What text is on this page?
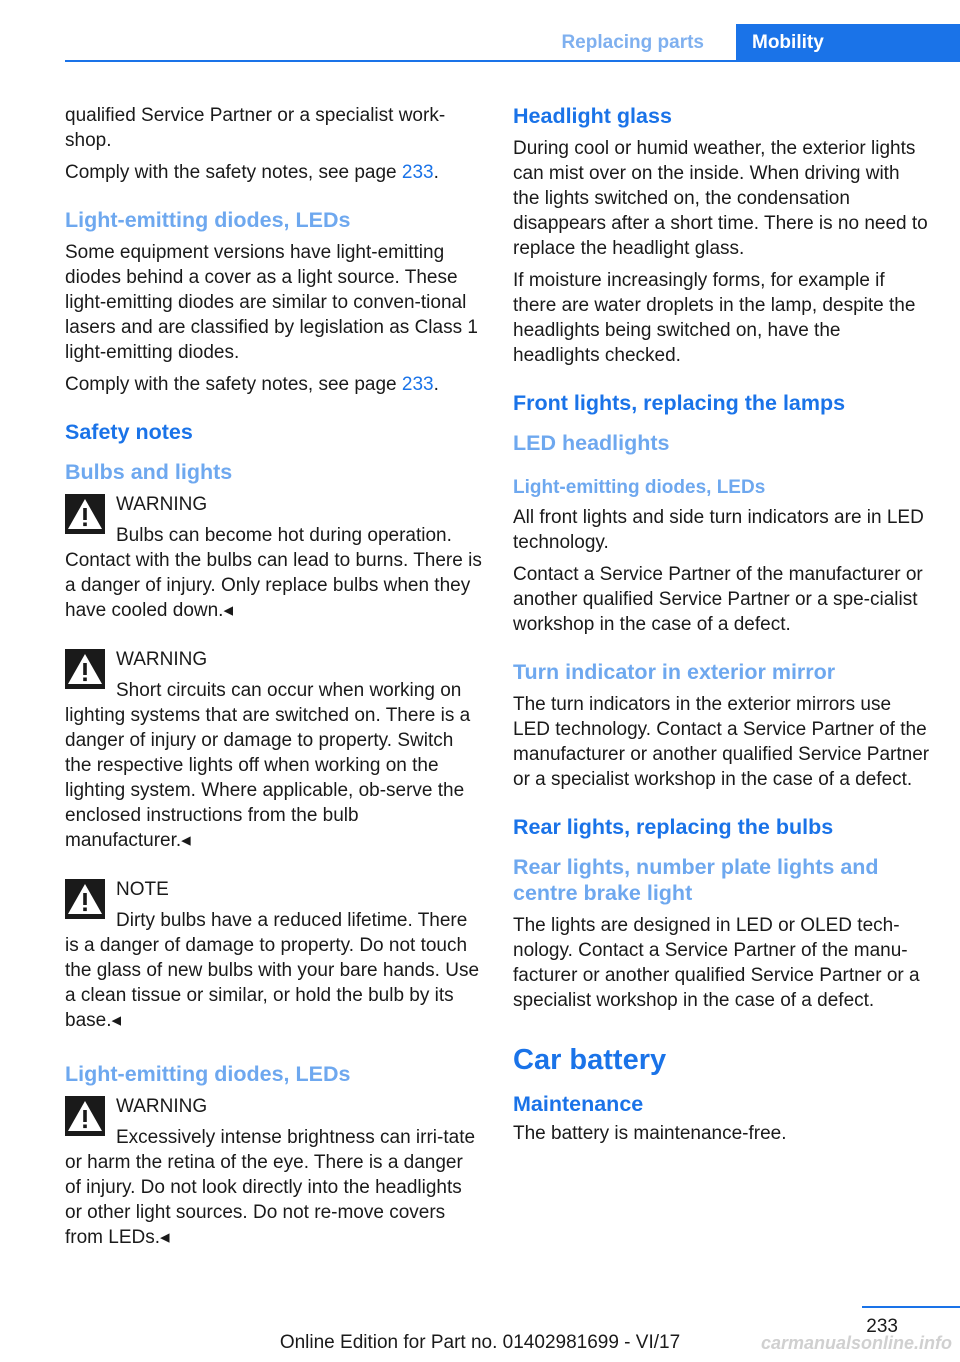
Replacing parts	Mobility

qualified Service Partner or a specialist work‐shop.

Comply with the safety notes, see page 233.

Light-emitting diodes, LEDs

Some equipment versions have light-emitting diodes behind a cover as a light source. These light-emitting diodes are similar to conven‐tional lasers and are classified by legislation as Class 1 light-emitting diodes.

Comply with the safety notes, see page 233.

Safety notes
Bulbs and lights
WARNING

Bulbs can become hot during operation. Contact with the bulbs can lead to burns. There is a danger of injury. Only replace bulbs when they have cooled down.◂

WARNING

Short circuits can occur when working on lighting systems that are switched on. There is a danger of injury or damage to property. Switch the respective lights off when working on the lighting system. Where applicable, ob‐serve the enclosed instructions from the bulb manufacturer.◂

NOTE

Dirty bulbs have a reduced lifetime. There is a danger of damage to property. Do not touch the glass of new bulbs with your bare hands. Use a clean tissue or similar, or hold the bulb by its base.◂

Light-emitting diodes, LEDs
WARNING

Excessively intense brightness can irri‐tate or harm the retina of the eye. There is a danger of injury. Do not look directly into the headlights or other light sources. Do not re‐move covers from LEDs.◂

Headlight glass

During cool or humid weather, the exterior lights can mist over on the inside. When driving with the lights switched on, the condensation disappears after a short time. There is no need to replace the headlight glass.

If moisture increasingly forms, for example if there are water droplets in the lamp, despite the headlights being switched on, have the headlights checked.

Front lights, replacing the lamps
LED headlights
Light-emitting diodes, LEDs

All front lights and side turn indicators are in LED technology.

Contact a Service Partner of the manufacturer or another qualified Service Partner or a spe‐cialist workshop in the case of a defect.

Turn indicator in exterior mirror

The turn indicators in the exterior mirrors use LED technology. Contact a Service Partner of the manufacturer or another qualified Service Partner or a specialist workshop in the case of a defect.

Rear lights, replacing the bulbs
Rear lights, number plate lights and centre brake light

The lights are designed in LED or OLED tech‐nology. Contact a Service Partner of the manu‐facturer or another qualified Service Partner or a specialist workshop in the case of a defect.

Car battery
Maintenance

The battery is maintenance-free.

233
Online Edition for Part no. 01402981699 - VI/17	carmanualsonline.info
